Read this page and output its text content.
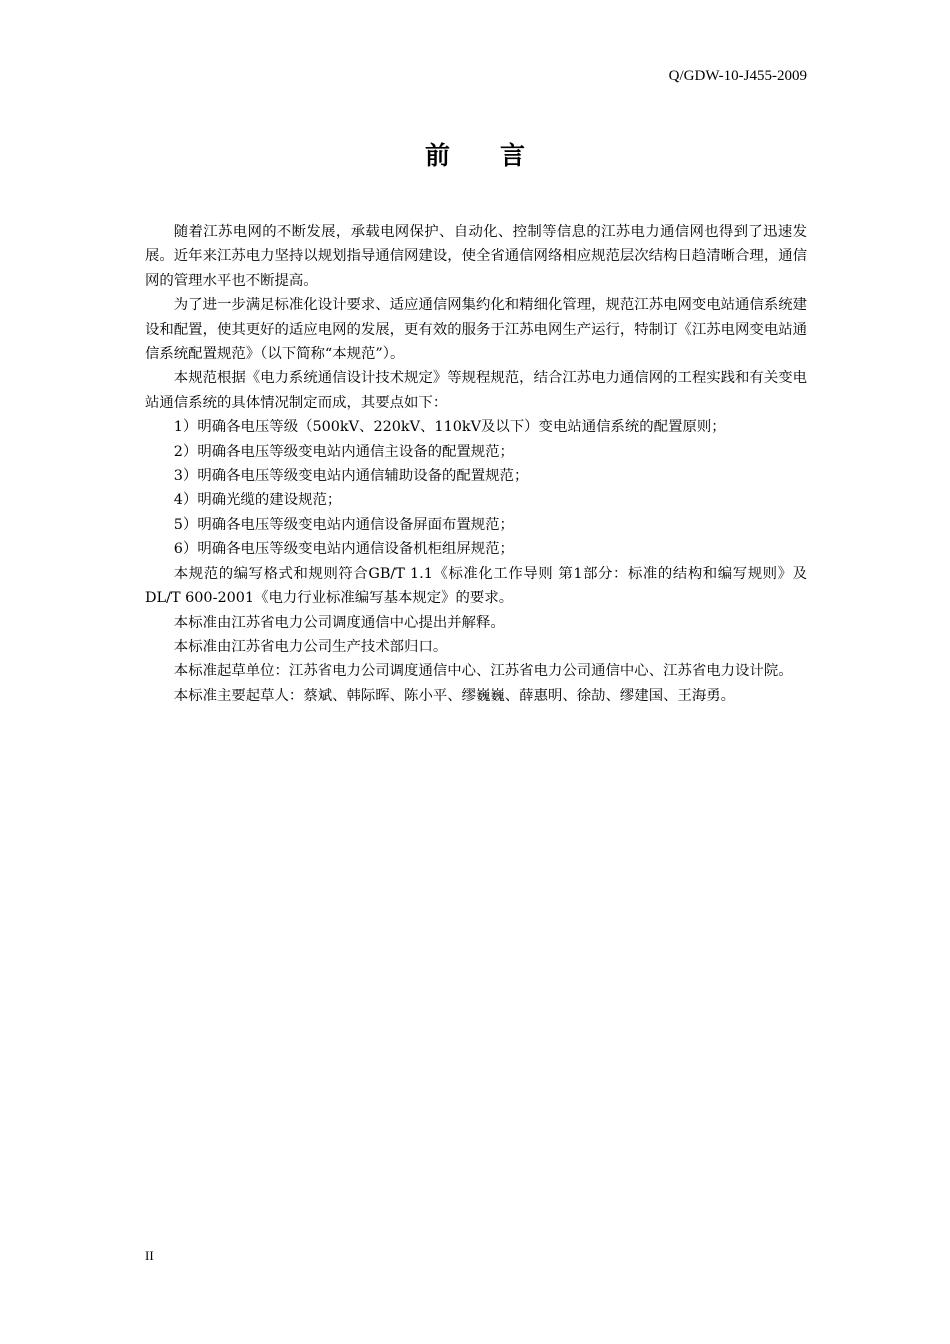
Q/GDW-10-J455-2009
前言

随着江苏电网的不断发展，承载电网保护、自动化、控制等信息的江苏电力通信网也得到了迅速发展。近年来江苏电力坚持以规划指导通信网建设，使全省通信网络相应规范层次结构日趋清晰合理，通信网的管理水平也不断提高。

为了进一步满足标准化设计要求、适应通信网集约化和精细化管理，规范江苏电网变电站通信系统建设和配置，使其更好的适应电网的发展，更有效的服务于江苏电网生产运行，特制订《江苏电网变电站通信系统配置规范》（以下简称“本规范”）。

本规范根据《电力系统通信设计技术规定》等规程规范，结合江苏电力通信网的工程实践和有关变电站通信系统的具体情况制定而成，其要点如下：

1）明确各电压等级（500kV、220kV、110kV及以下）变电站通信系统的配置原则；

2）明确各电压等级变电站内通信主设备的配置规范；

3）明确各电压等级变电站内通信辅助设备的配置规范；

4）明确光缆的建设规范；

5）明确各电压等级变电站内通信设备屏面布置规范；

6）明确各电压等级变电站内通信设备机柜组屏规范；

本规范的编写格式和规则符合GB/T 1.1《标准化工作导则 第1部分：标准的结构和编写规则》及DL/T 600-2001《电力行业标准编写基本规定》的要求。

本标准由江苏省电力公司调度通信中心提出并解释。

本标准由江苏省电力公司生产技术部归口。

本标准起草单位：江苏省电力公司调度通信中心、江苏省电力公司通信中心、江苏省电力设计院。

本标准主要起草人：蔡斌、韩际晖、陈小平、缪巍巍、薛惠明、徐劼、缪建国、王海勇。

II
